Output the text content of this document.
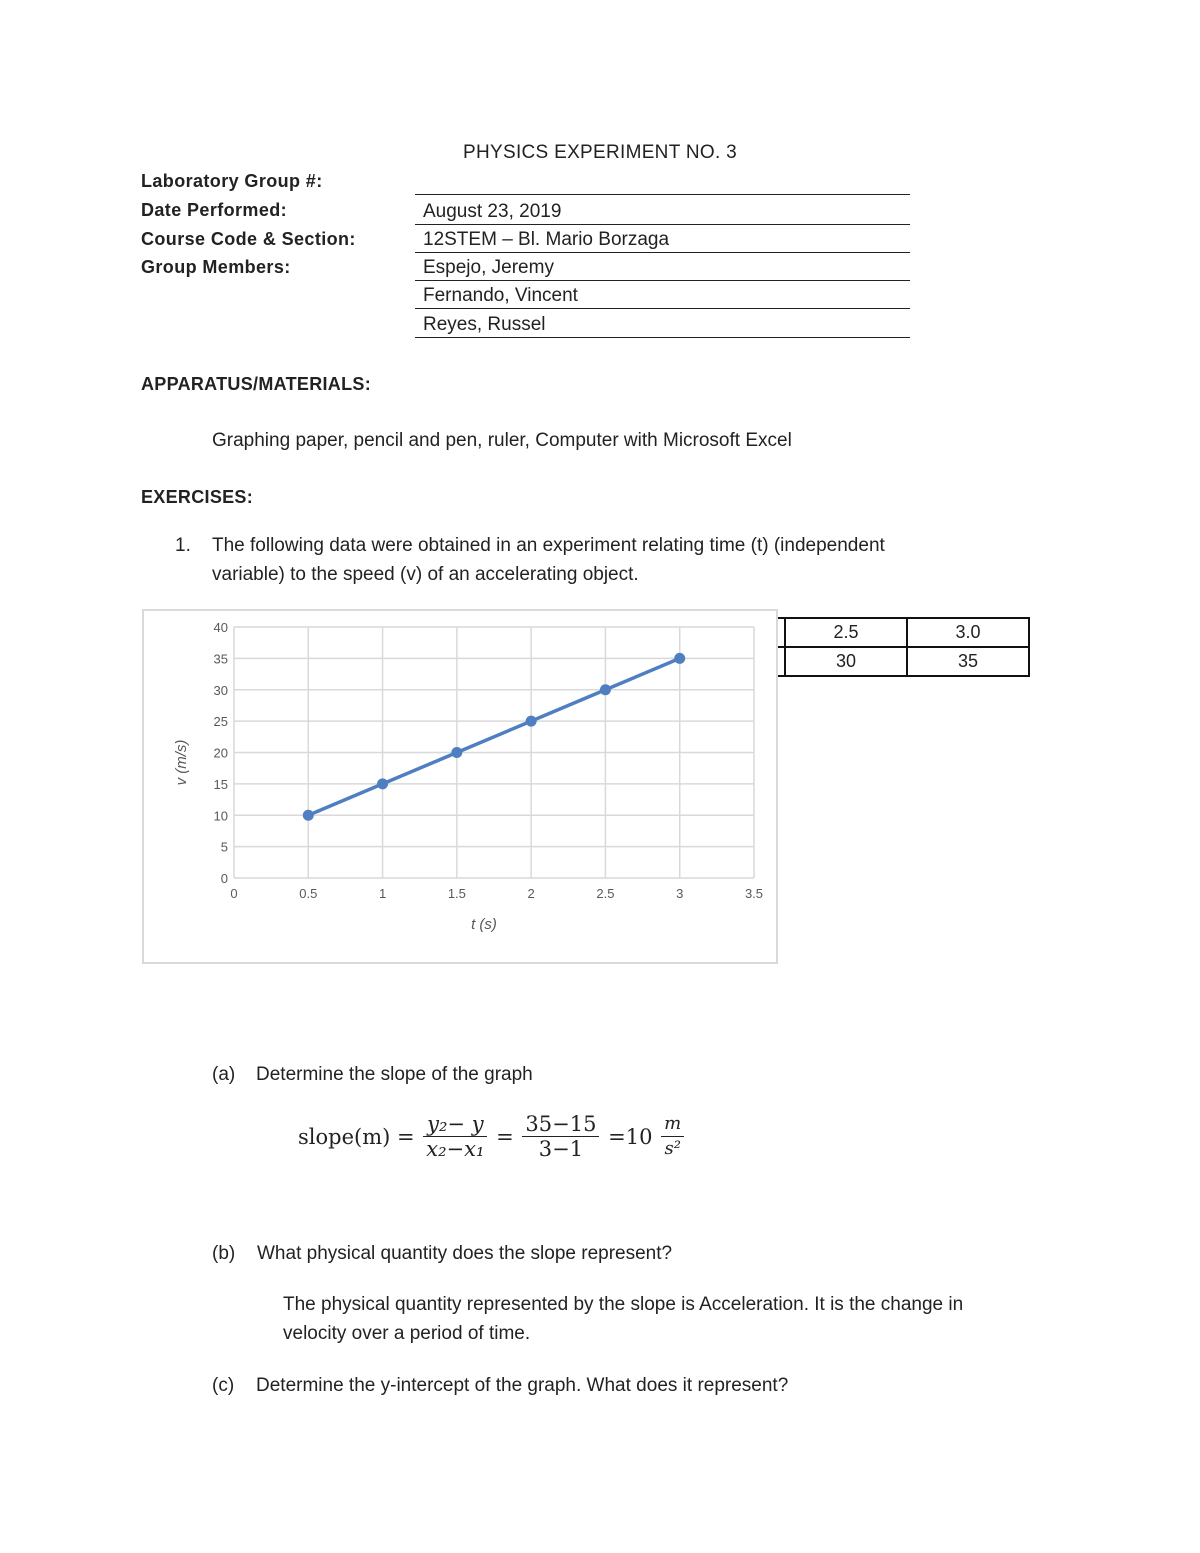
PHYSICS EXPERIMENT NO. 3
Laboratory Group #:
Date Performed:	August 23, 2019
Course Code & Section:	12STEM – Bl. Mario Borzaga
Group Members:	Espejo, Jeremy
Fernando, Vincent
Reyes, Russel
APPARATUS/MATERIALS:
Graphing paper, pencil and pen, ruler, Computer with Microsoft Excel
EXERCISES:
1. The following data were obtained in an experiment relating time (t) (independent
variable) to the speed (v) of an accelerating object.
	2.5	3.0
	30	35
0	0.5	1	1.5	2	2.5	3	3.5
0
5
10
15
20
25
30
35
40
t (s)
v (m/s)
(a) Determine the slope of the graph
slope(m) = $\frac{\text{y₂− y}}{\text{x₂−x₁}} = \frac{35-15}{3-1} =10 \frac{m}{\text{s²}}$
(b) What physical quantity does the slope represent?
The physical quantity represented by the slope is Acceleration. It is the change in
velocity over a period of time.
(c) Determine the y-intercept of the graph. What does it represent?
